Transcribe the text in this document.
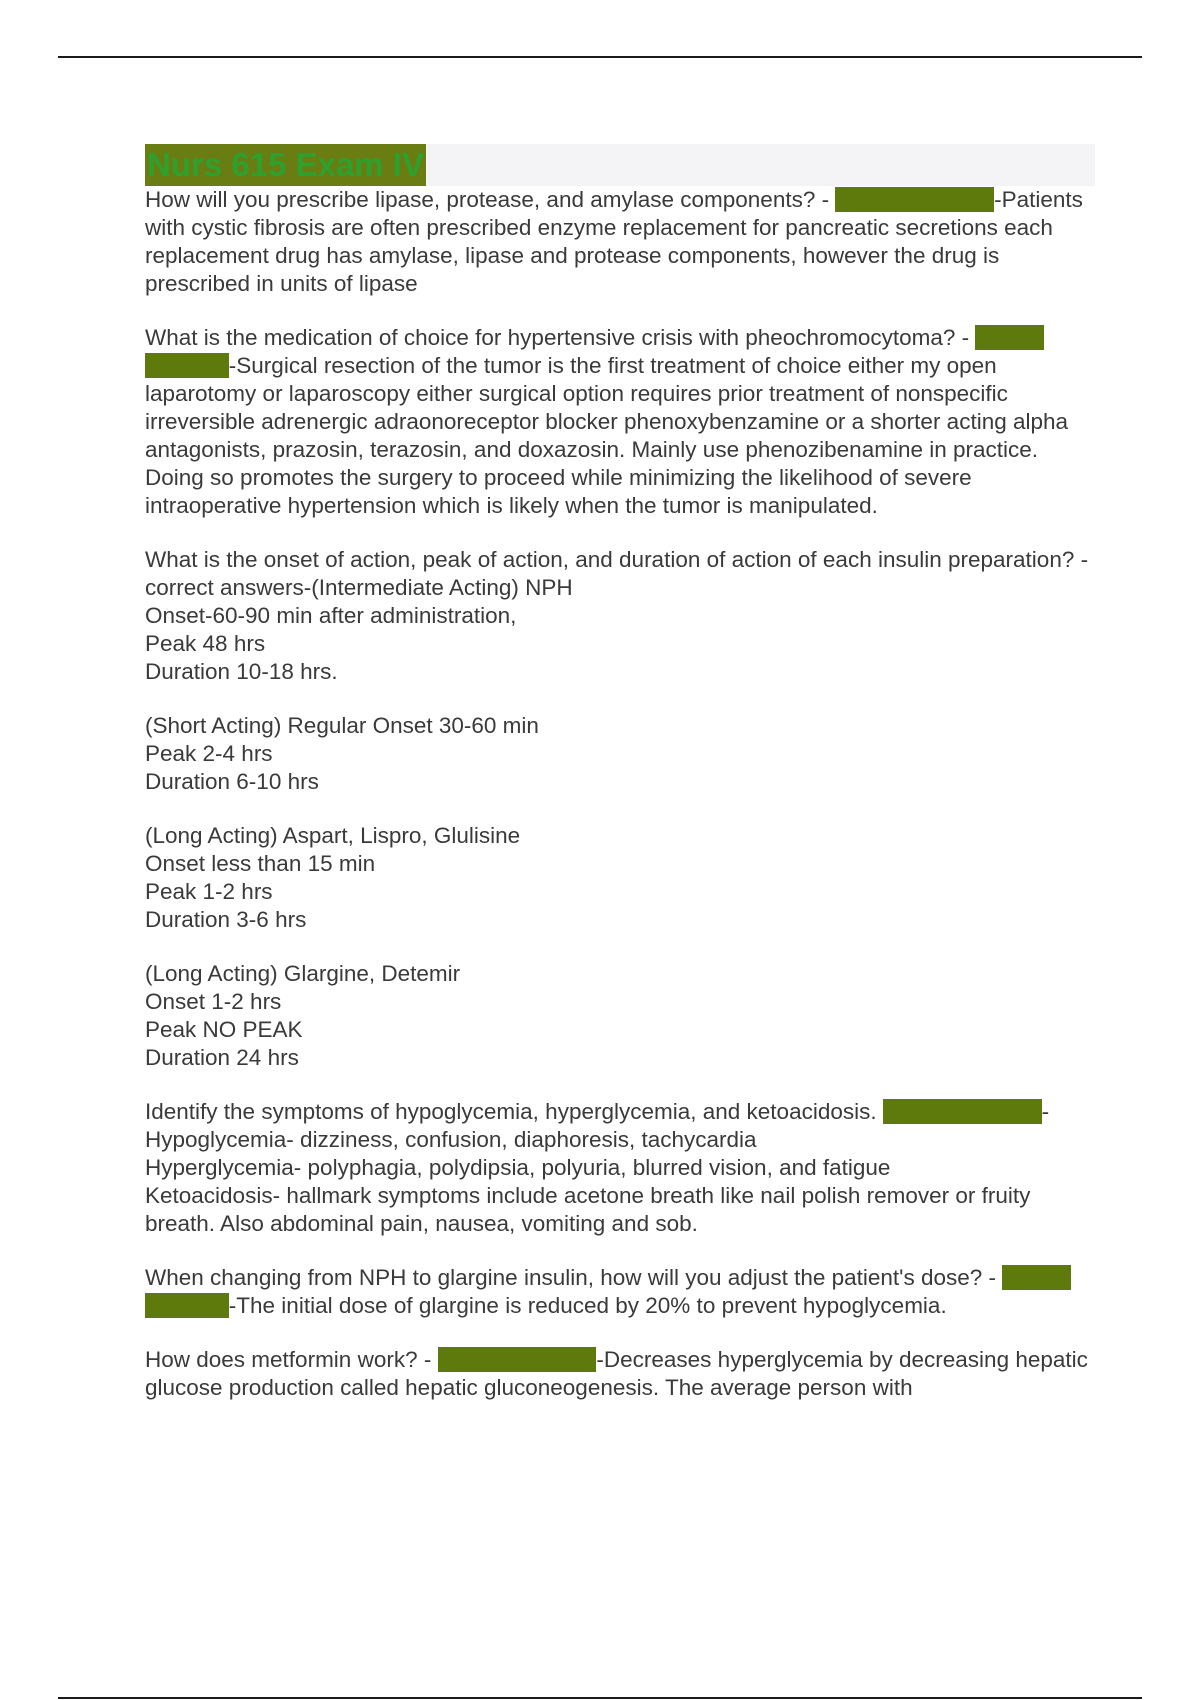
Nurs 615 Exam IV

How will you prescribe lipase, protease, and amylase components? - correct answers-Patients with cystic fibrosis are often prescribed enzyme replacement for pancreatic secretions each replacement drug has amylase, lipase and protease components, however the drug is prescribed in units of lipase

What is the medication of choice for hypertensive crisis with pheochromocytoma? - correct answers-Surgical resection of the tumor is the first treatment of choice either my open laparotomy or laparoscopy either surgical option requires prior treatment of nonspecific irreversible adrenergic adraonoreceptor blocker phenoxybenzamine or a shorter acting alpha antagonists, prazosin, terazosin, and doxazosin. Mainly use phenozibenamine in practice. Doing so promotes the surgery to proceed while minimizing the likelihood of severe intraoperative hypertension which is likely when the tumor is manipulated.

What is the onset of action, peak of action, and duration of action of each insulin preparation? - correct answers-(Intermediate Acting) NPH

Onset-60-90 min after administration,
Peak 48 hrs
Duration 10-18 hrs.
(Short Acting) Regular Onset 30-60 min
Peak 2-4 hrs
Duration 6-10 hrs
(Long Acting) Aspart, Lispro, Glulisine
Onset less than 15 min
Peak 1-2 hrs
Duration 3-6 hrs
(Long Acting) Glargine, Detemir
Onset 1-2 hrs
Peak NO PEAK
Duration 24 hrs

Identify the symptoms of hypoglycemia, hyperglycemia, and ketoacidosis. correct answers-Hypoglycemia- dizziness, confusion, diaphoresis, tachycardia

Hyperglycemia- polyphagia, polydipsia, polyuria, blurred vision, and fatigue
Ketoacidosis- hallmark symptoms include acetone breath like nail polish remover or fruity breath. Also abdominal pain, nausea, vomiting and sob.

When changing from NPH to glargine insulin, how will you adjust the patient's dose? - correct answers-The initial dose of glargine is reduced by 20% to prevent hypoglycemia.

How does metformin work? - correct answers-Decreases hyperglycemia by decreasing hepatic glucose production called hepatic gluconeogenesis. The average person with
